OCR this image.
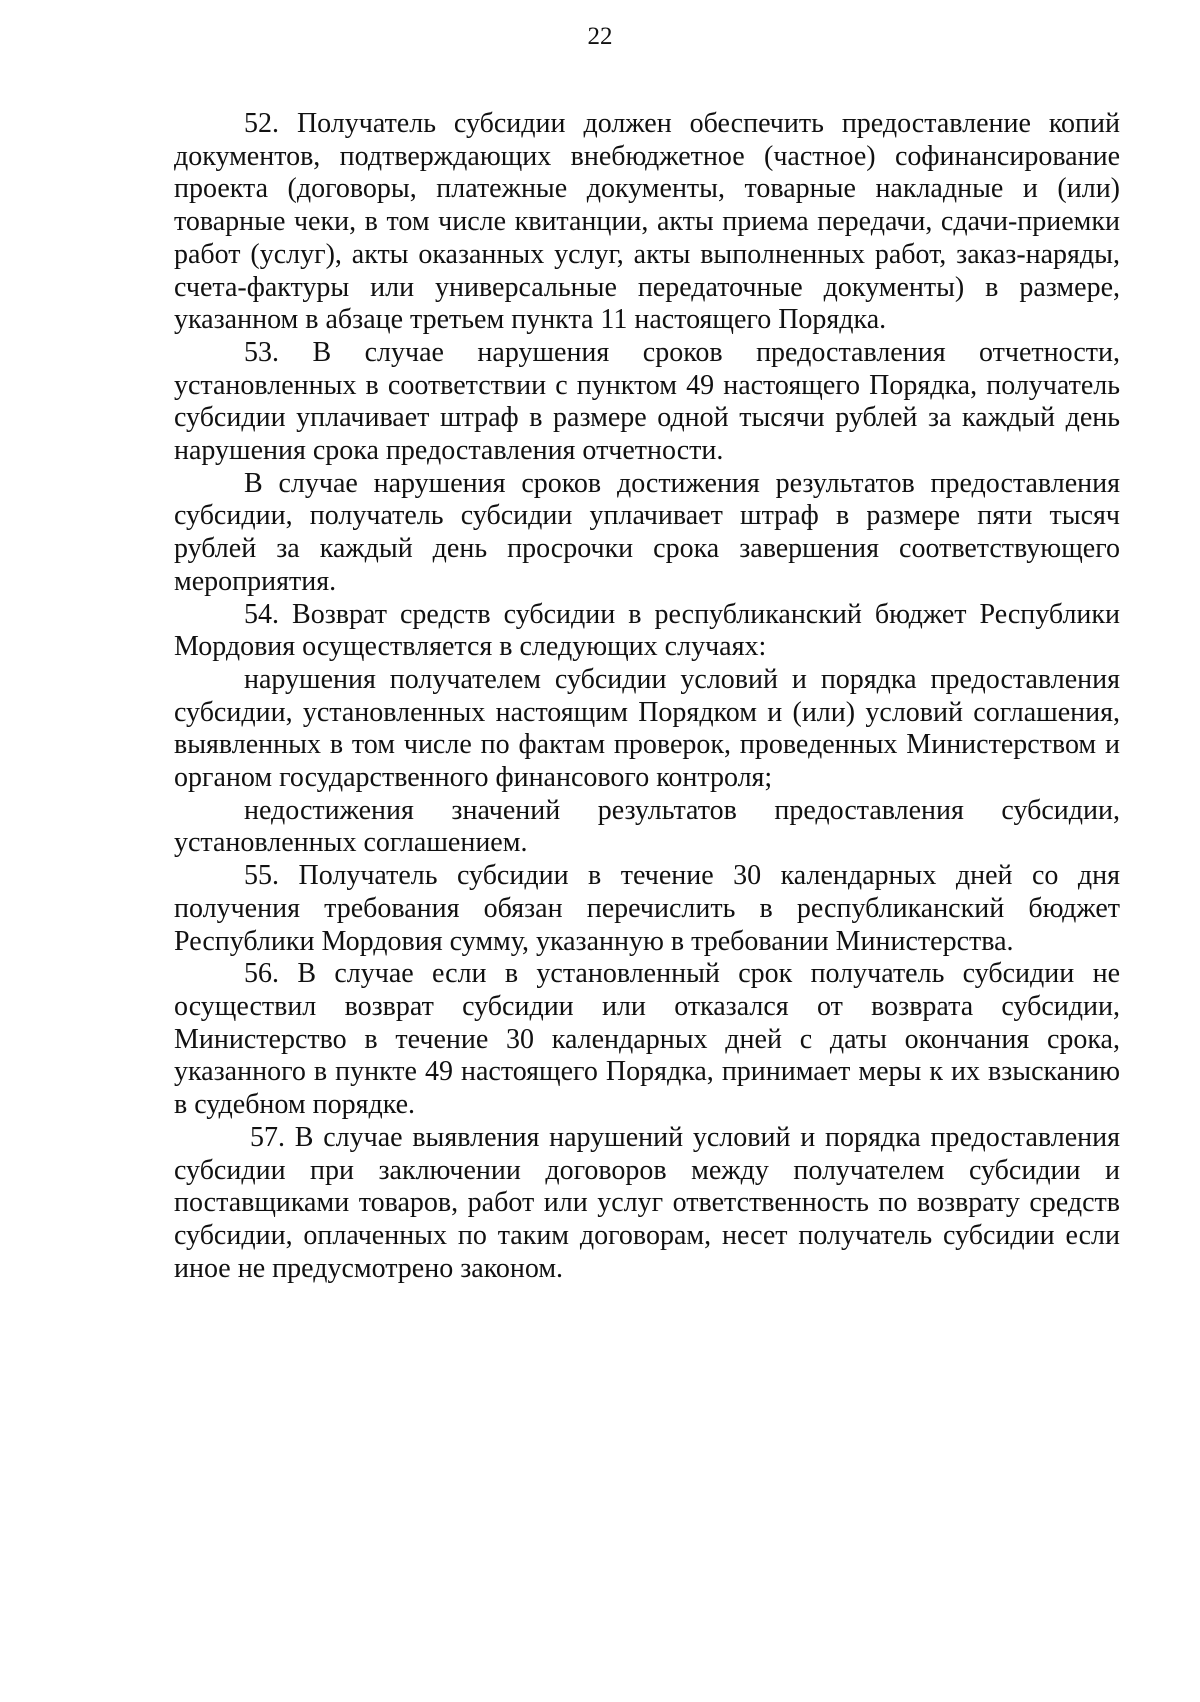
22

52. Получатель субсидии должен обеспечить предоставление копий документов, подтверждающих внебюджетное (частное) софинансирование проекта (договоры, платежные документы, товарные накладные и (или) товарные чеки, в том числе квитанции, акты приема передачи, сдачи-приемки работ (услуг), акты оказанных услуг, акты выполненных работ, заказ-наряды, счета-фактуры или универсальные передаточные документы) в размере, указанном в абзаце третьем пункта 11 настоящего Порядка.

53. В случае нарушения сроков предоставления отчетности, установленных в соответствии с пунктом 49 настоящего Порядка, получатель субсидии уплачивает штраф в размере одной тысячи рублей за каждый день нарушения срока предоставления отчетности.

В случае нарушения сроков достижения результатов предоставления субсидии, получатель субсидии уплачивает штраф в размере пяти тысяч рублей за каждый день просрочки срока завершения соответствующего мероприятия.

54. Возврат средств субсидии в республиканский бюджет Республики Мордовия осуществляется в следующих случаях:

нарушения получателем субсидии условий и порядка предоставления субсидии, установленных настоящим Порядком и (или) условий соглашения, выявленных в том числе по фактам проверок, проведенных Министерством и органом государственного финансового контроля;

недостижения значений результатов предоставления субсидии, установленных соглашением.

55. Получатель субсидии в течение 30 календарных дней со дня получения требования обязан перечислить в республиканский бюджет Республики Мордовия сумму, указанную в требовании Министерства.

56. В случае если в установленный срок получатель субсидии не осуществил возврат субсидии или отказался от возврата субсидии, Министерство в течение 30 календарных дней с даты окончания срока, указанного в пункте 49 настоящего Порядка, принимает меры к их взысканию в судебном порядке.

57. В случае выявления нарушений условий и порядка предоставления субсидии при заключении договоров между получателем субсидии и поставщиками товаров, работ или услуг ответственность по возврату средств субсидии, оплаченных по таким договорам, несет получатель субсидии если иное не предусмотрено законом.
